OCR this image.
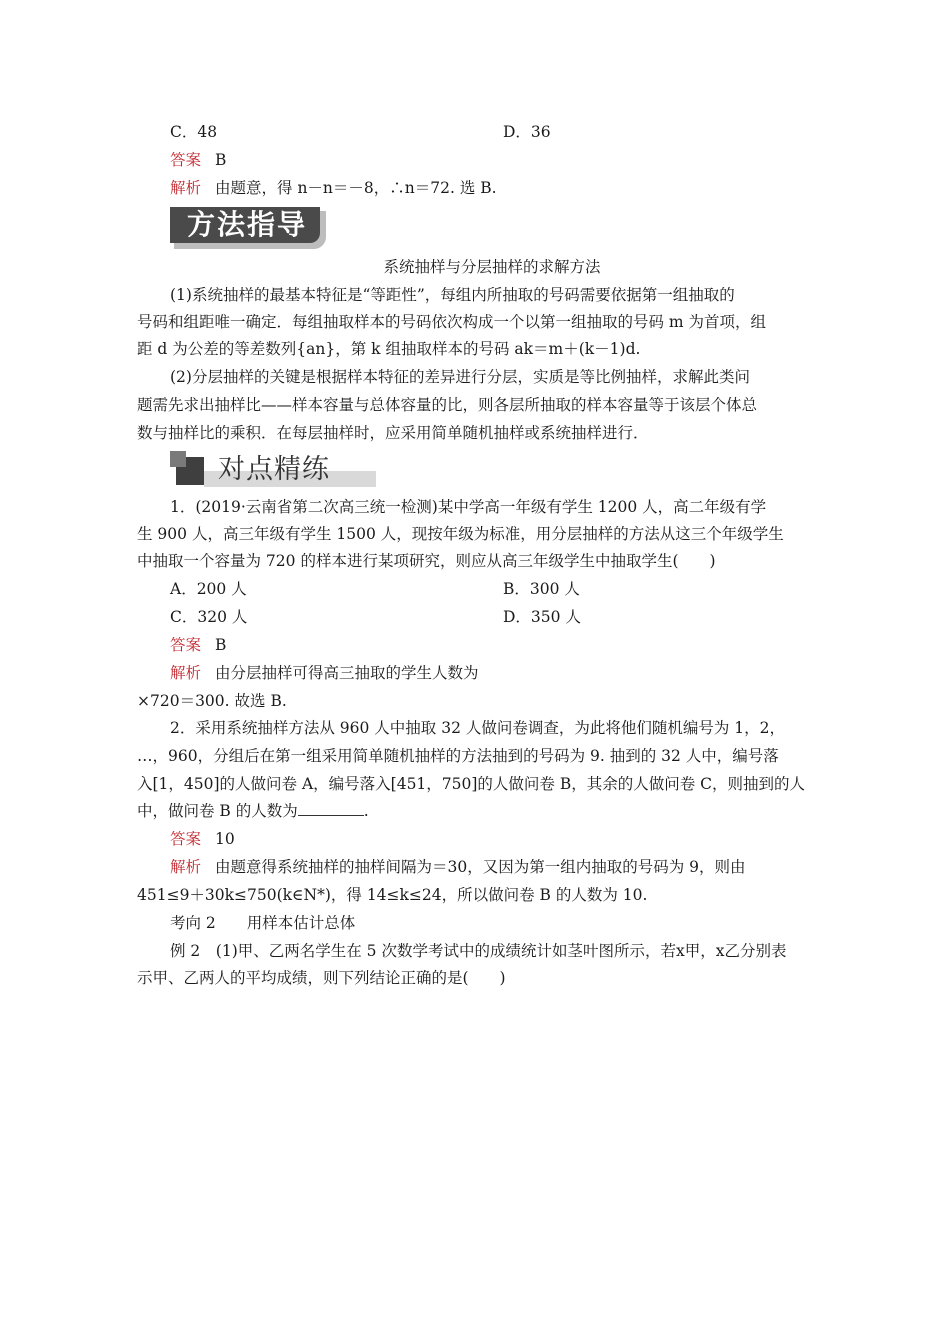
C．48	D．36
答案 B
解析 由题意，得 n－n＝－8，∴n＝72. 选 B.
方法指导
系统抽样与分层抽样的求解方法
(1)系统抽样的最基本特征是“等距性”，每组内所抽取的号码需要依据第一组抽取的
号码和组距唯一确定．每组抽取样本的号码依次构成一个以第一组抽取的号码 m 为首项，组
距 d 为公差的等差数列{an}，第 k 组抽取样本的号码 ak＝m＋(k－1)d.
(2)分层抽样的关键是根据样本特征的差异进行分层，实质是等比例抽样，求解此类问
题需先求出抽样比——样本容量与总体容量的比，则各层所抽取的样本容量等于该层个体总
数与抽样比的乘积．在每层抽样时，应采用简单随机抽样或系统抽样进行．
对点精练
1．(2019·云南省第二次高三统一检测)某中学高一年级有学生 1200 人，高二年级有学
生 900 人，高三年级有学生 1500 人，现按年级为标准，用分层抽样的方法从这三个年级学生
中抽取一个容量为 720 的样本进行某项研究，则应从高三年级学生中抽取学生(　　)
A．200 人	B．300 人
C．320 人	D．350 人
答案 B
解析 由分层抽样可得高三抽取的学生人数为
×720＝300. 故选 B.
2．采用系统抽样方法从 960 人中抽取 32 人做问卷调查，为此将他们随机编号为 1，2，
…，960，分组后在第一组采用简单随机抽样的方法抽到的号码为 9. 抽到的 32 人中，编号落
入[1，450]的人做问卷 A，编号落入[451，750]的人做问卷 B，其余的人做问卷 C，则抽到的人
中，做问卷 B 的人数为	.
答案 10
解析 由题意得系统抽样的抽样间隔为＝30，又因为第一组内抽取的号码为 9，则由
451≤9＋30k≤750(k∈N*)，得 14≤k≤24，所以做问卷 B 的人数为 10.
考向 2　　用样本估计总体
例 2　(1)甲、乙两名学生在 5 次数学考试中的成绩统计如茎叶图所示，若x甲，x乙分别表
示甲、乙两人的平均成绩，则下列结论正确的是(　　)
